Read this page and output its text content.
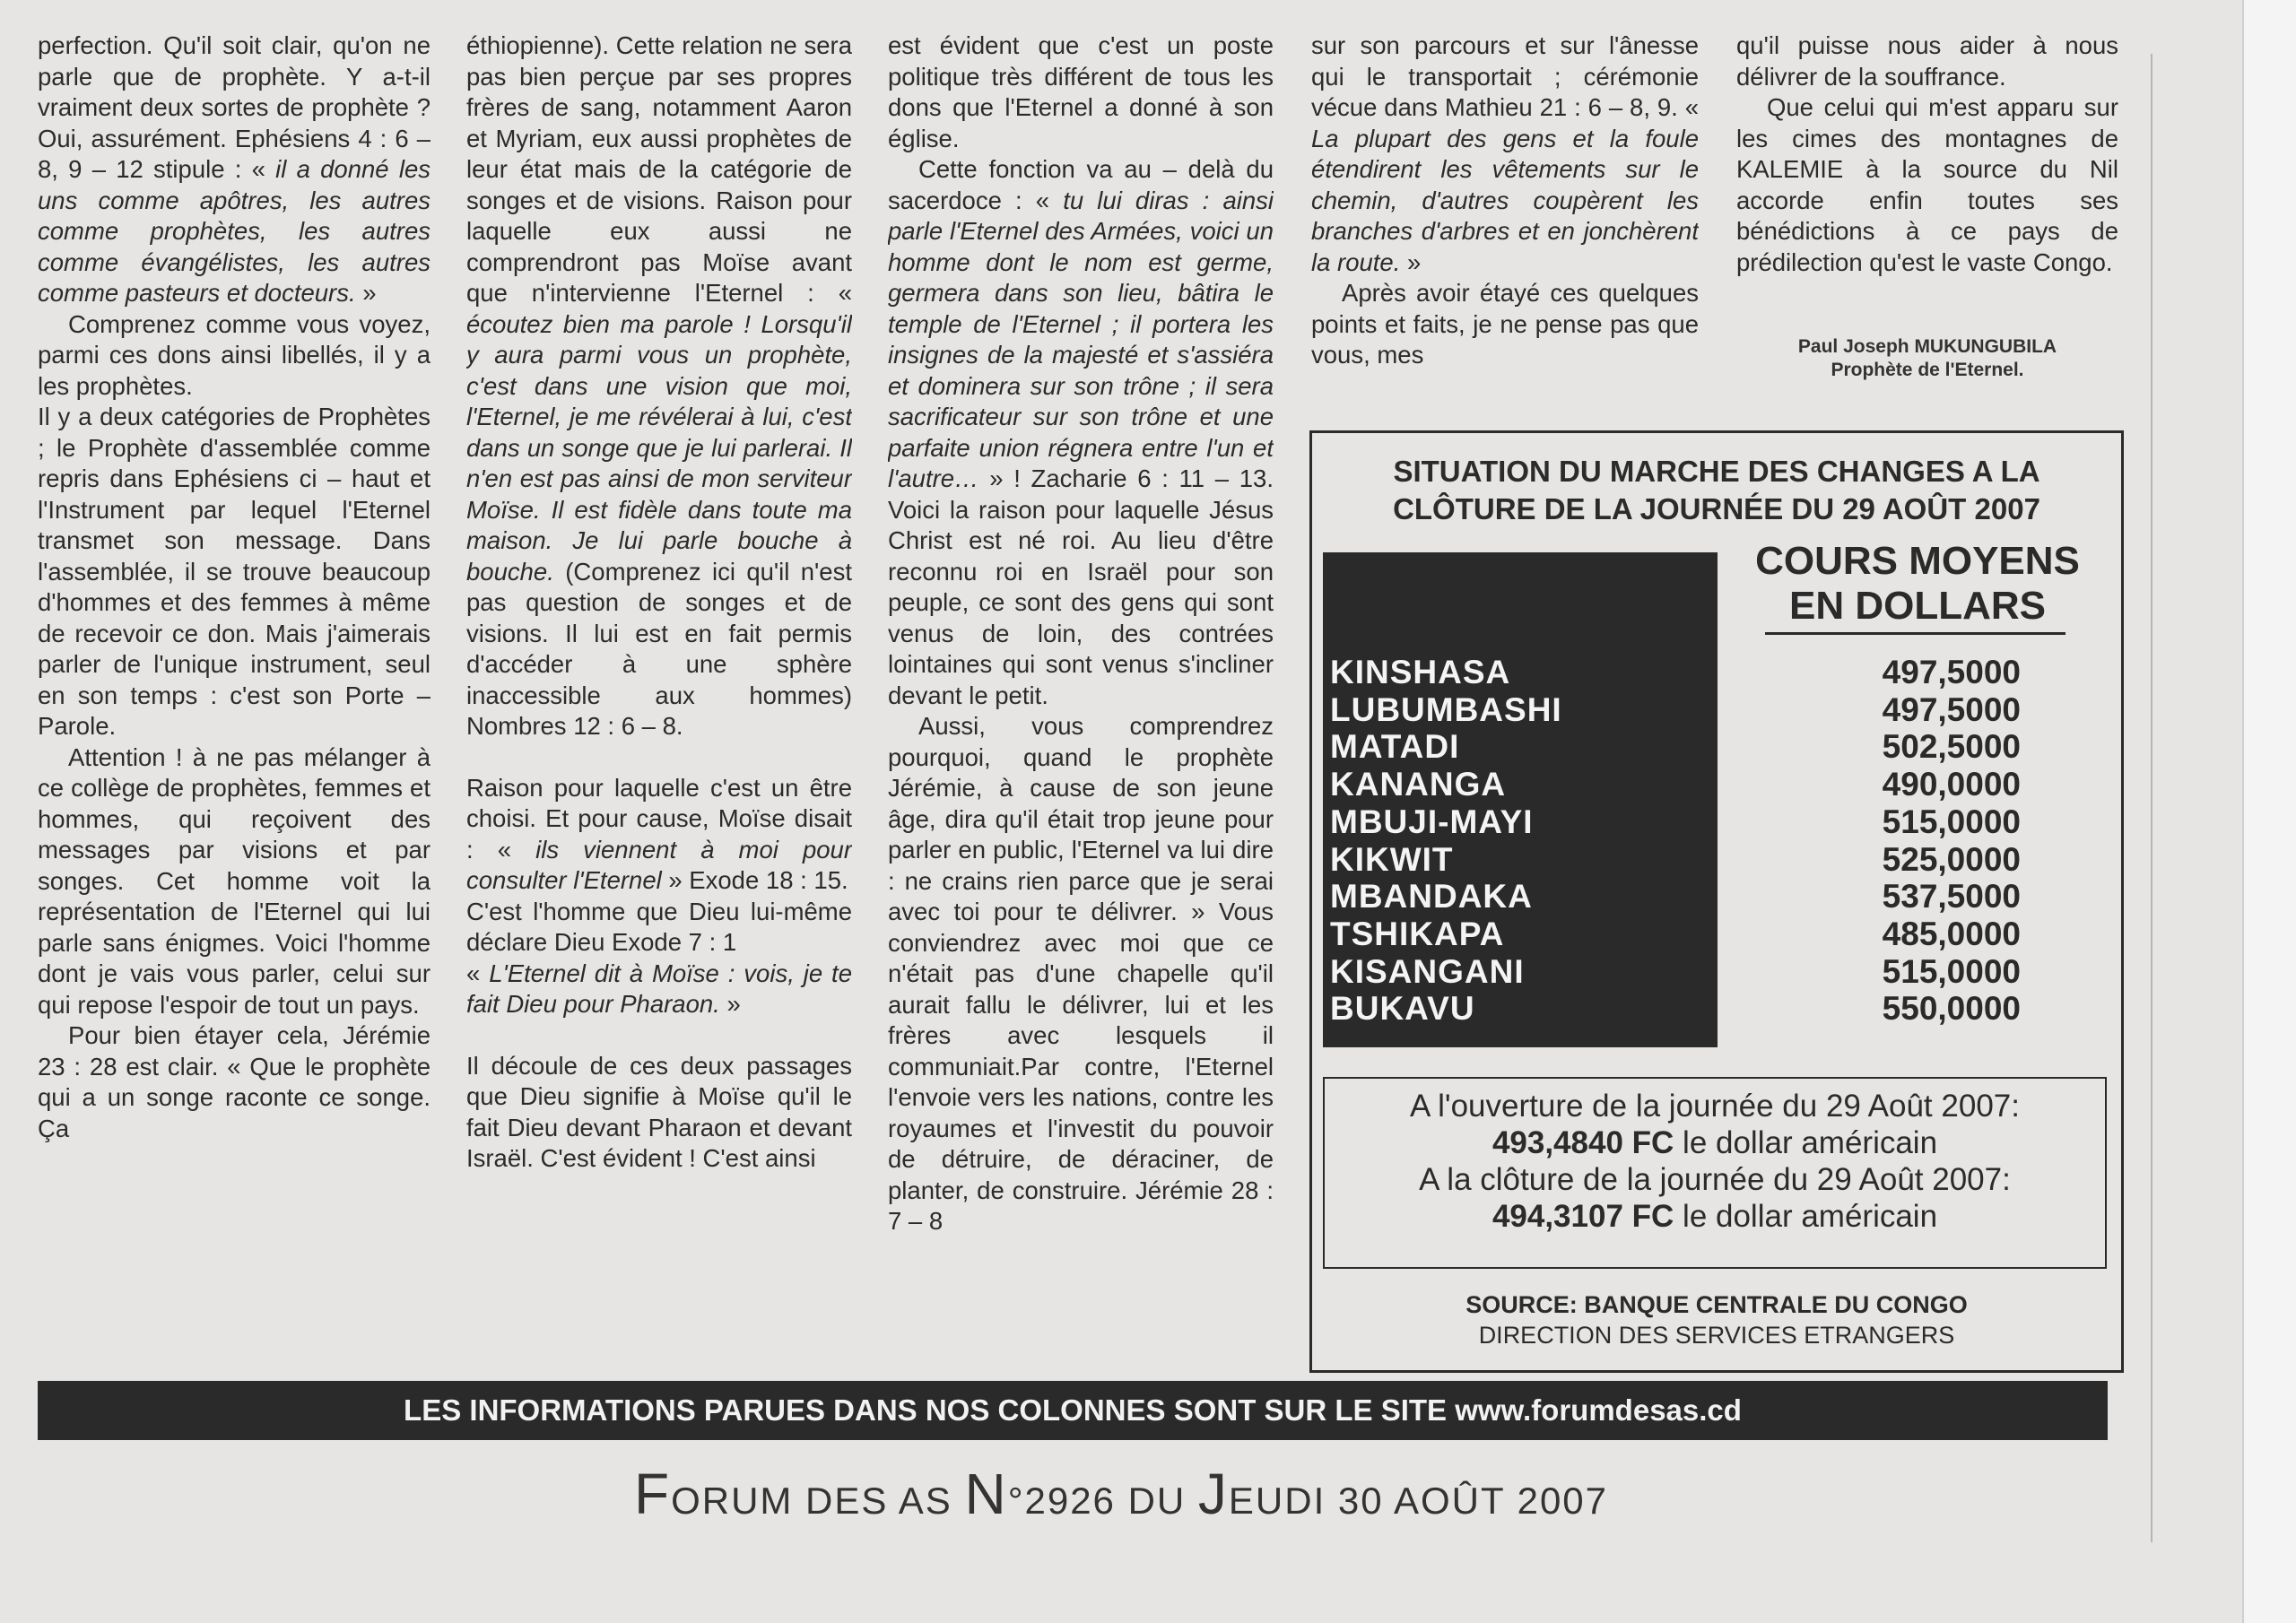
perfection. Qu'il soit clair, qu'on ne parle que de prophète. Y a-t-il vraiment deux sortes de prophète ? Oui, assurément. Ephésiens 4 : 6 – 8, 9 – 12 stipule : « il a donné les uns comme apôtres, les autres comme prophètes, les autres comme évangélistes, les autres comme pasteurs et docteurs. »

Comprenez comme vous voyez, parmi ces dons ainsi libellés, il y a les prophètes.

Il y a deux catégories de Prophètes ; le Prophète d'assemblée comme repris dans Ephésiens ci – haut et l'Instrument par lequel l'Eternel transmet son message. Dans l'assemblée, il se trouve beaucoup d'hommes et des femmes à même de recevoir ce don. Mais j'aimerais parler de l'unique instrument, seul en son temps : c'est son Porte – Parole.

Attention ! à ne pas mélanger à ce collège de prophètes, femmes et hommes, qui reçoivent des messages par visions et par songes. Cet homme voit la représentation de l'Eternel qui lui parle sans énigmes. Voici l'homme dont je vais vous parler, celui sur qui repose l'espoir de tout un pays.

Pour bien étayer cela, Jérémie 23 : 28 est clair. « Que le prophète qui a un songe raconte ce songe. Ça

éthiopienne). Cette relation ne sera pas bien perçue par ses propres frères de sang, notamment Aaron et Myriam, eux aussi prophètes de leur état mais de la catégorie de songes et de visions. Raison pour laquelle eux aussi ne comprendront pas Moïse avant que n'intervienne l'Eternel : « écoutez bien ma parole ! Lorsqu'il y aura parmi vous un prophète, c'est dans une vision que moi, l'Eternel, je me révélerai à lui, c'est dans un songe que je lui parlerai. Il n'en est pas ainsi de mon serviteur Moïse. Il est fidèle dans toute ma maison. Je lui parle bouche à bouche. (Comprenez ici qu'il n'est pas question de songes et de visions. Il lui est en fait permis d'accéder à une sphère inaccessible aux hommes) Nombres 12 : 6 – 8.

Raison pour laquelle c'est un être choisi. Et pour cause, Moïse disait : « ils viennent à moi pour consulter l'Eternel » Exode 18 : 15.

C'est l'homme que Dieu lui-même déclare Dieu Exode 7 : 1

« L'Eternel dit à Moïse : vois, je te fait Dieu pour Pharaon. »

Il découle de ces deux passages que Dieu signifie à Moïse qu'il le fait Dieu devant Pharaon et devant Israël. C'est évident ! C'est ainsi

est évident que c'est un poste politique très différent de tous les dons que l'Eternel a donné à son église.

Cette fonction va au – delà du sacerdoce : « tu lui diras : ainsi parle l'Eternel des Armées, voici un homme dont le nom est germe, germera dans son lieu, bâtira le temple de l'Eternel ; il portera les insignes de la majesté et s'assiéra et dominera sur son trône ; il sera sacrificateur sur son trône et une parfaite union régnera entre l'un et l'autre… » ! Zacharie 6 : 11 – 13. Voici la raison pour laquelle Jésus Christ est né roi. Au lieu d'être reconnu roi en Israël pour son peuple, ce sont des gens qui sont venus de loin, des contrées lointaines qui sont venus s'incliner devant le petit.

Aussi, vous comprendrez pourquoi, quand le prophète Jérémie, à cause de son jeune âge, dira qu'il était trop jeune pour parler en public, l'Eternel va lui dire : ne crains rien parce que je serai avec toi pour te délivrer. » Vous conviendrez avec moi que ce n'était pas d'une chapelle qu'il aurait fallu le délivrer, lui et les frères avec lesquels il communiait.Par contre, l'Eternel l'envoie vers les nations, contre les royaumes et l'investit du pouvoir de détruire, de déraciner, de planter, de construire. Jérémie 28 : 7 – 8

sur son parcours et sur l'ânesse qui le transportait ; cérémonie vécue dans Mathieu 21 : 6 – 8, 9. « La plupart des gens et la foule étendirent les vêtements sur le chemin, d'autres coupèrent les branches d'arbres et en jonchèrent la route. »

Après avoir étayé ces quelques points et faits, je ne pense pas que vous, mes

qu'il puisse nous aider à nous délivrer de la souffrance.

Que celui qui m'est apparu sur les cimes des montagnes de KALEMIE à la source du Nil accorde enfin toutes ses bénédictions à ce pays de prédilection qu'est le vaste Congo.

Paul Joseph MUKUNGUBILA
Prophète de l'Eternel.
SITUATION DU MARCHE DES CHANGES A LA
CLÔTURE DE LA JOURNÉE DU 29 AOÛT 2007
COURS MOYENS
EN DOLLARS
KINSHASA
LUBUMBASHI
MATADI
KANANGA
MBUJI-MAYI
KIKWIT
MBANDAKA
TSHIKAPA
KISANGANI
BUKAVU
497,5000
497,5000
502,5000
490,0000
515,0000
525,0000
537,5000
485,0000
515,0000
550,0000

A l'ouverture de la journée du 29 Août 2007:

493,4840 FC le dollar américain

A la clôture de la journée du 29 Août 2007:

494,3107 FC le dollar américain

SOURCE: BANQUE CENTRALE DU CONGO
DIRECTION DES SERVICES ETRANGERS
LES INFORMATIONS PARUES DANS NOS COLONNES SONT SUR LE SITE www.forumdesas.cd
FORUM DES AS N°2926 DU JEUDI 30 AOÛT 2007
